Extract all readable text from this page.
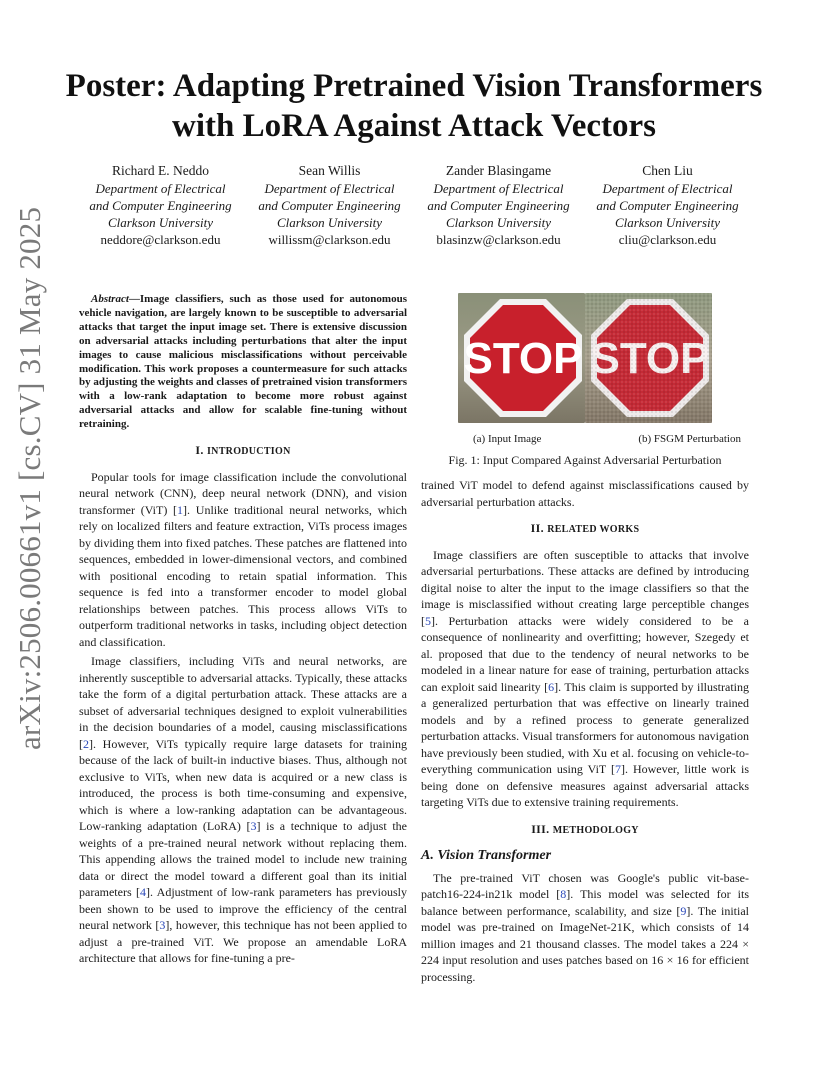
arXiv:2506.00661v1 [cs.CV] 31 May 2025
Poster: Adapting Pretrained Vision Transformers
with LoRA Against Attack Vectors
Richard E. Neddo
Department of Electrical
and Computer Engineering
Clarkson University
neddore@clarkson.edu
Sean Willis
Department of Electrical
and Computer Engineering
Clarkson University
willissm@clarkson.edu
Zander Blasingame
Department of Electrical
and Computer Engineering
Clarkson University
blasinzw@clarkson.edu
Chen Liu
Department of Electrical
and Computer Engineering
Clarkson University
cliu@clarkson.edu

Abstract—Image classifiers, such as those used for autonomous vehicle navigation, are largely known to be susceptible to adversarial attacks that target the input image set. There is extensive discussion on adversarial attacks including perturbations that alter the input images to cause malicious misclassifications without perceivable modification. This work proposes a countermeasure for such attacks by adjusting the weights and classes of pretrained vision transformers with a low-rank adaptation to become more robust against adversarial attacks and allow for scalable fine-tuning without retraining.

I. INTRODUCTION

Popular tools for image classification include the convolutional neural network (CNN), deep neural network (DNN), and vision transformer (ViT) [1]. Unlike traditional neural networks, which rely on localized filters and feature extraction, ViTs process images by dividing them into fixed patches. These patches are flattened into sequences, embedded in lower-dimensional vectors, and combined with positional encoding to retain spatial information. This sequence is fed into a transformer encoder to model global relationships between patches. This process allows ViTs to outperform traditional networks in tasks, including object detection and classification.

Image classifiers, including ViTs and neural networks, are inherently susceptible to adversarial attacks. Typically, these attacks take the form of a digital perturbation attack. These attacks are a subset of adversarial techniques designed to exploit vulnerabilities in the decision boundaries of a model, causing misclassifications [2]. However, ViTs typically require large datasets for training because of the lack of built-in inductive biases. Thus, although not exclusive to ViTs, when new data is acquired or a new class is introduced, the process is both time-consuming and expensive, which is where a low-ranking adaptation can be advantageous. Low-ranking adaptation (LoRA) [3] is a technique to adjust the weights of a pre-trained neural network without replacing them. This appending allows the trained model to include new training data or direct the model toward a different goal than its initial parameters [4]. Adjustment of low-rank parameters has previously been shown to be used to improve the efficiency of the central neural network [3], however, this technique has not been applied to adjust a pre-trained ViT. We propose an amendable LoRA architecture that allows for fine-tuning a pre-

STOP
(a) Input Image	(b) FSGM Perturbation
Fig. 1: Input Compared Against Adversarial Perturbation

trained ViT model to defend against misclassifications caused by adversarial perturbation attacks.

II. RELATED WORKS

Image classifiers are often susceptible to attacks that involve adversarial perturbations. These attacks are defined by introducing digital noise to alter the input to the image classifiers so that the image is misclassified without creating large perceptible changes [5]. Perturbation attacks were widely considered to be a consequence of nonlinearity and overfitting; however, Szegedy et al. proposed that due to the tendency of neural networks to be modeled in a linear nature for ease of training, perturbation attacks can exploit said linearity [6]. This claim is supported by illustrating a generalized perturbation that was effective on linearly trained models and by a refined process to generate generalized perturbation attacks. Visual transformers for autonomous navigation have previously been studied, with Xu et al. focusing on vehicle-to-everything communication using ViT [7]. However, little work is being done on defensive measures against adversarial attacks targeting ViTs due to extensive training requirements.

III. METHODOLOGY
A. Vision Transformer

The pre-trained ViT chosen was Google's public vit-base-patch16-224-in21k model [8]. This model was selected for its balance between performance, scalability, and size [9]. The initial model was pre-trained on ImageNet-21K, which consists of 14 million images and 21 thousand classes. The model takes a 224 × 224 input resolution and uses patches based on 16 × 16 for efficient processing.
